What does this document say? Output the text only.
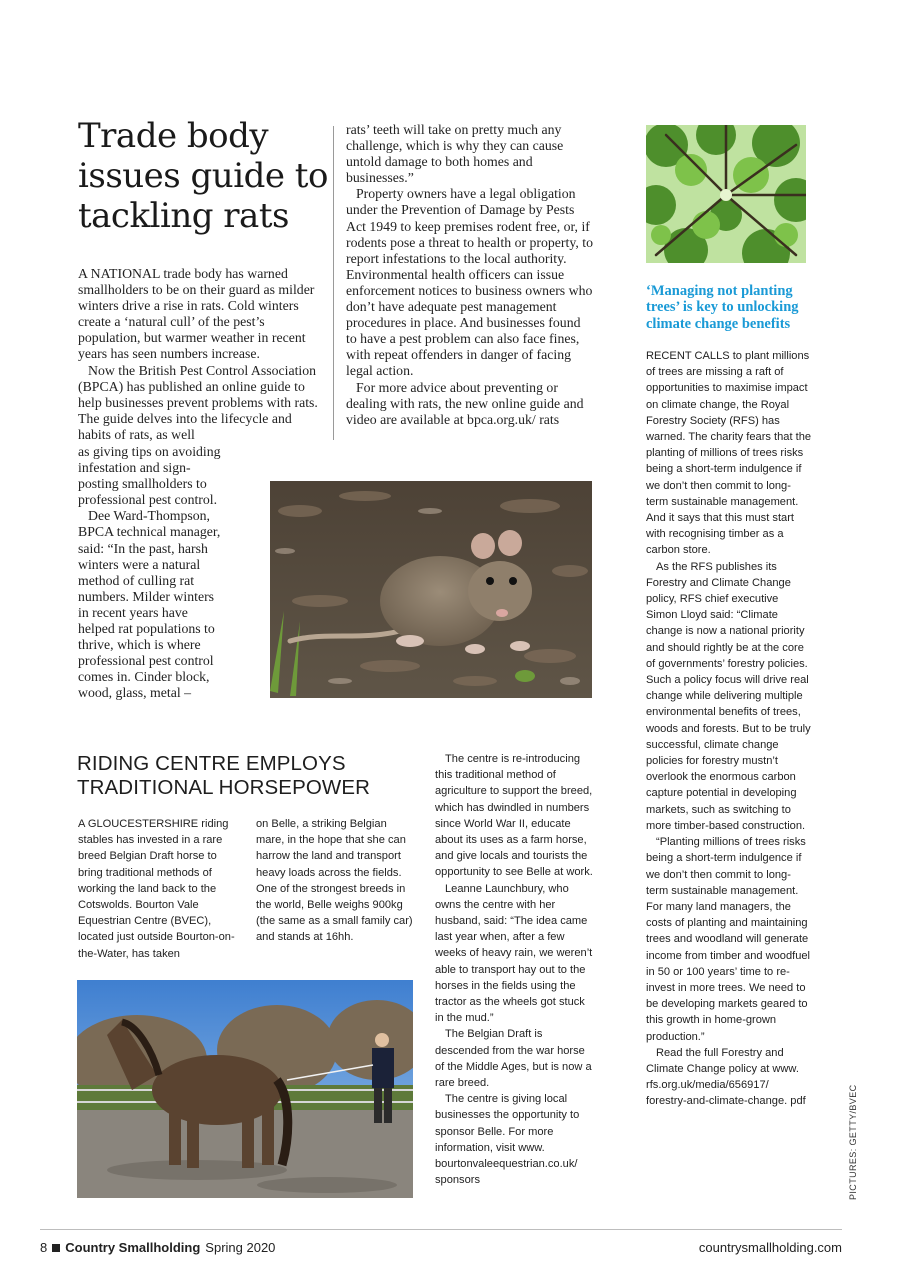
Trade body issues guide to tackling rats

A NATIONAL trade body has warned smallholders to be on their guard as milder winters drive a rise in rats. Cold winters create a ‘natural cull’ of the pest’s population, but warmer weather in recent years has seen numbers increase.

Now the British Pest Control Association (BPCA) has published an online guide to help businesses prevent problems with rats. The guide delves into the lifecycle and habits of rats, as well

as giving tips on avoiding infestation and sign-posting smallholders to professional pest control.

Dee Ward-Thompson, BPCA technical manager, said: “In the past, harsh winters were a natural method of culling rat numbers. Milder winters in recent years have helped rat populations to thrive, which is where professional pest control comes in. Cinder block, wood, glass, metal –

rats’ teeth will take on pretty much any challenge, which is why they can cause untold damage to both homes and businesses.”

Property owners have a legal obligation under the Prevention of Damage by Pests Act 1949 to keep premises rodent free, or, if rodents pose a threat to health or property, to report infestations to the local authority. Environmental health officers can issue enforcement notices to business owners who don’t have adequate pest management procedures in place. And businesses found to have a pest problem can also face fines, with repeat offenders in danger of facing legal action.

For more advice about preventing or dealing with rats, the new online guide and video are available at bpca.org.uk/ rats

‘Managing not planting trees’ is key to unlocking climate change benefits

RECENT CALLS to plant millions of trees are missing a raft of opportunities to maximise impact on climate change, the Royal Forestry Society (RFS) has warned. The charity fears that the planting of millions of trees risks being a short-term indulgence if we don’t then commit to long-term sustainable management. And it says that this must start with recognising timber as a carbon store.

As the RFS publishes its Forestry and Climate Change policy, RFS chief executive Simon Lloyd said: “Climate change is now a national priority and should rightly be at the core of governments’ forestry policies. Such a policy focus will drive real change while delivering multiple environmental benefits of trees, woods and forests. But to be truly successful, climate change policies for forestry mustn’t overlook the enormous carbon capture potential in developing markets, such as switching to more timber-based construction.

“Planting millions of trees risks being a short-term indulgence if we don’t then commit to long-term sustainable management. For many land managers, the costs of planting and maintaining trees and woodland will generate income from timber and woodfuel in 50 or 100 years’ time to re-invest in more trees. We need to be developing markets geared to this growth in home-grown production.”

Read the full Forestry and Climate Change policy at www. rfs.org.uk/media/656917/ forestry-and-climate-change. pdf

RIDING CENTRE EMPLOYS TRADITIONAL HORSEPOWER

A GLOUCESTERSHIRE riding stables has invested in a rare breed Belgian Draft horse to bring traditional methods of working the land back to the Cotswolds. Bourton Vale Equestrian Centre (BVEC), located just outside Bourton-on-the-Water, has taken

on Belle, a striking Belgian mare, in the hope that she can harrow the land and transport heavy loads across the fields. One of the strongest breeds in the world, Belle weighs 900kg (the same as a small family car) and stands at 16hh.

The centre is re-introducing this traditional method of agriculture to support the breed, which has dwindled in numbers since World War II, educate about its uses as a farm horse, and give locals and tourists the opportunity to see Belle at work.

Leanne Launchbury, who owns the centre with her husband, said: “The idea came last year when, after a few weeks of heavy rain, we weren’t able to transport hay out to the horses in the fields using the tractor as the wheels got stuck in the mud.”

The Belgian Draft is descended from the war horse of the Middle Ages, but is now a rare breed.

The centre is giving local businesses the opportunity to sponsor Belle. For more information, visit www. bourtonvaleequestrian.co.uk/ sponsors	PICTURES: GETTY/BVEC
8 Country Smallholding Spring 2020	countrysmallholding.com
